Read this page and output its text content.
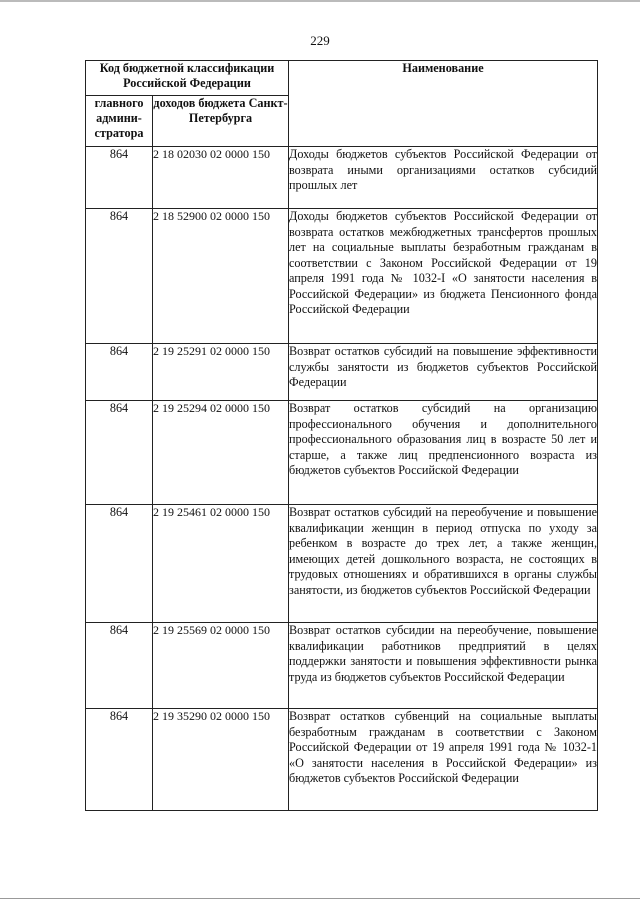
229
Код бюджетной классификации Российской Федерации		Наименование
главного админи-стратора	доходов бюджета Санкт-Петербурга	
864	2 18 02030 02 0000 150	Доходы бюджетов субъектов Российской Федерации от возврата иными организациями остатков субсидий прошлых лет
864	2 18 52900 02 0000 150	Доходы бюджетов субъектов Российской Федерации от возврата остатков межбюджетных трансфертов прошлых лет на социальные выплаты безработным гражданам в соответствии с Законом Российской Федерации от 19 апреля 1991 года № 1032-I «О занятости населения в Российской Федерации» из бюджета Пенсионного фонда Российской Федерации
864	2 19 25291 02 0000 150	Возврат остатков субсидий на повышение эффективности службы занятости из бюджетов субъектов Российской Федерации
864	2 19 25294 02 0000 150	Возврат остатков субсидий на организацию профессионального обучения и дополнительного профессионального образования лиц в возрасте 50 лет и старше, а также лиц предпенсионного возраста из бюджетов субъектов Российской Федерации
864	2 19 25461 02 0000 150	Возврат остатков субсидий на переобучение и повышение квалификации женщин в период отпуска по уходу за ребенком в возрасте до трех лет, а также женщин, имеющих детей дошкольного возраста, не состоящих в трудовых отношениях и обратившихся в органы службы занятости, из бюджетов субъектов Российской Федерации
864	2 19 25569 02 0000 150	Возврат остатков субсидии на переобучение, повышение квалификации работников предприятий в целях поддержки занятости и повышения эффективности рынка труда из бюджетов субъектов Российской Федерации
864	2 19 35290 02 0000 150	Возврат остатков субвенций на социальные выплаты безработным гражданам в соответствии с Законом Российской Федерации от 19 апреля 1991 года № 1032-1 «О занятости населения в Российской Федерации» из бюджетов субъектов Российской Федерации
